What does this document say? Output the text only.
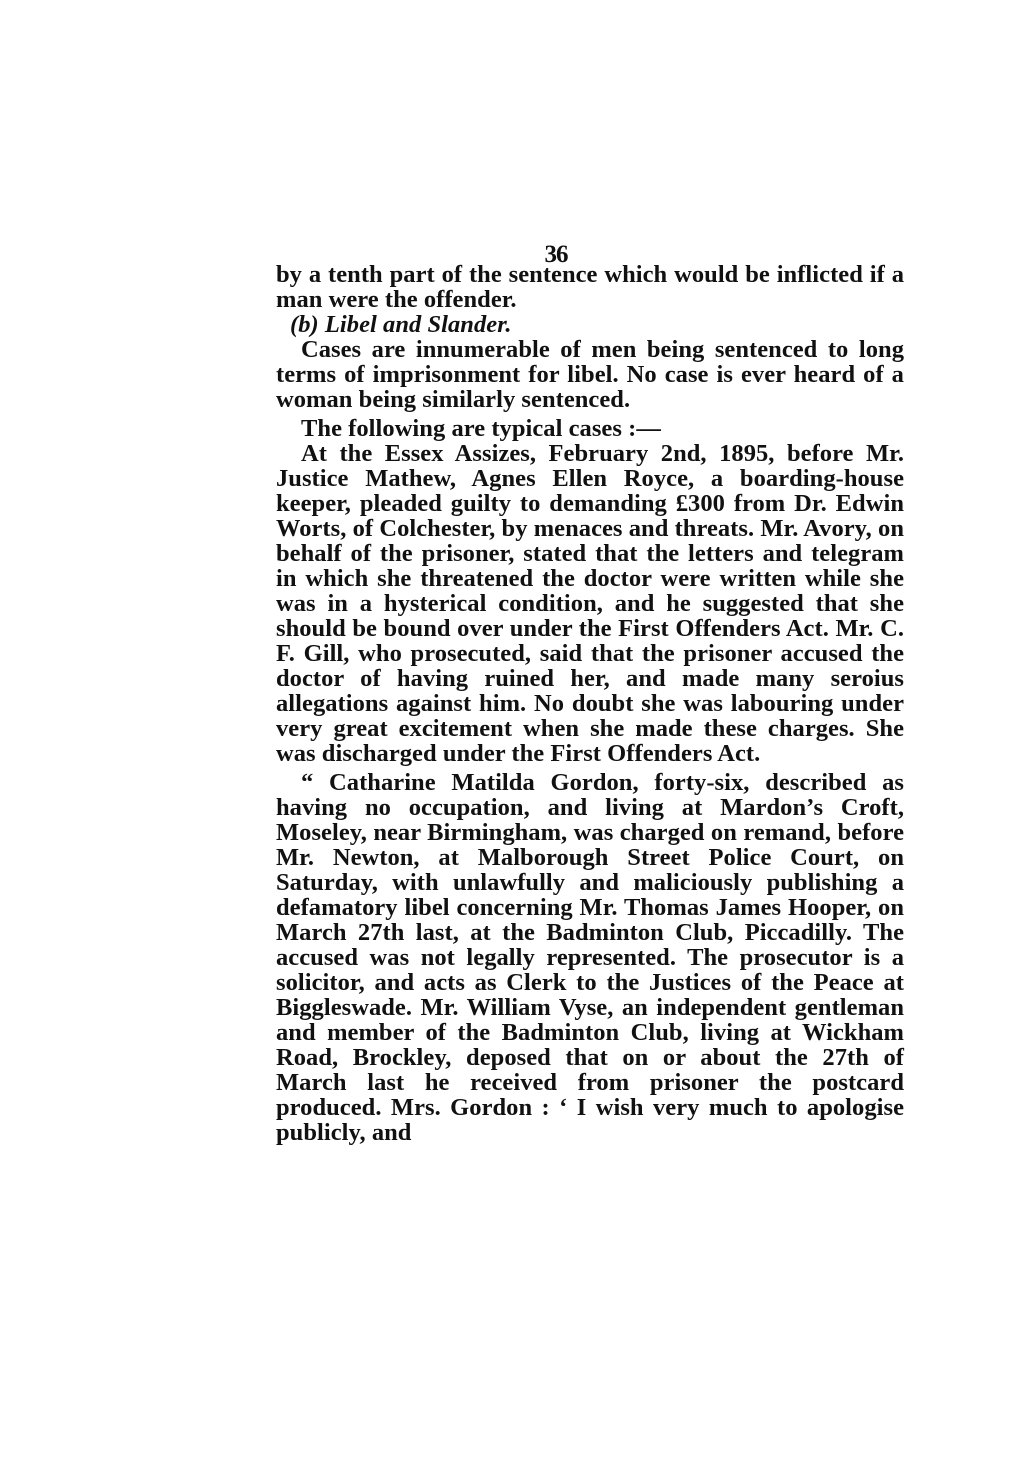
36

by a tenth part of the sentence which would be inflicted if a man were the offender.

(b) Libel and Slander.

Cases are innumerable of men being sentenced to long terms of imprisonment for libel. No case is ever heard of a woman being similarly sentenced.

The following are typical cases :—

At the Essex Assizes, February 2nd, 1895, before Mr. Justice Mathew, Agnes Ellen Royce, a boarding-house keeper, pleaded guilty to demanding £300 from Dr. Edwin Worts, of Colchester, by menaces and threats. Mr. Avory, on behalf of the prisoner, stated that the letters and telegram in which she threatened the doctor were written while she was in a hysterical condition, and he suggested that she should be bound over under the First Offenders Act. Mr. C. F. Gill, who prosecuted, said that the prisoner accused the doctor of having ruined her, and made many seroius allegations against him. No doubt she was labouring under very great excitement when she made these charges. She was discharged under the First Offenders Act.

“ Catharine Matilda Gordon, forty-six, described as having no occupation, and living at Mardon’s Croft, Moseley, near Birmingham, was charged on remand, before Mr. Newton, at Malborough Street Police Court, on Saturday, with unlawfully and maliciously publishing a defamatory libel concerning Mr. Thomas James Hooper, on March 27th last, at the Badminton Club, Piccadilly. The accused was not legally represented. The prosecutor is a solicitor, and acts as Clerk to the Justices of the Peace at Biggleswade. Mr. William Vyse, an independent gentleman and member of the Badminton Club, living at Wickham Road, Brockley, deposed that on or about the 27th of March last he received from prisoner the postcard produced. Mrs. Gordon : ‘ I wish very much to apologise publicly, and
